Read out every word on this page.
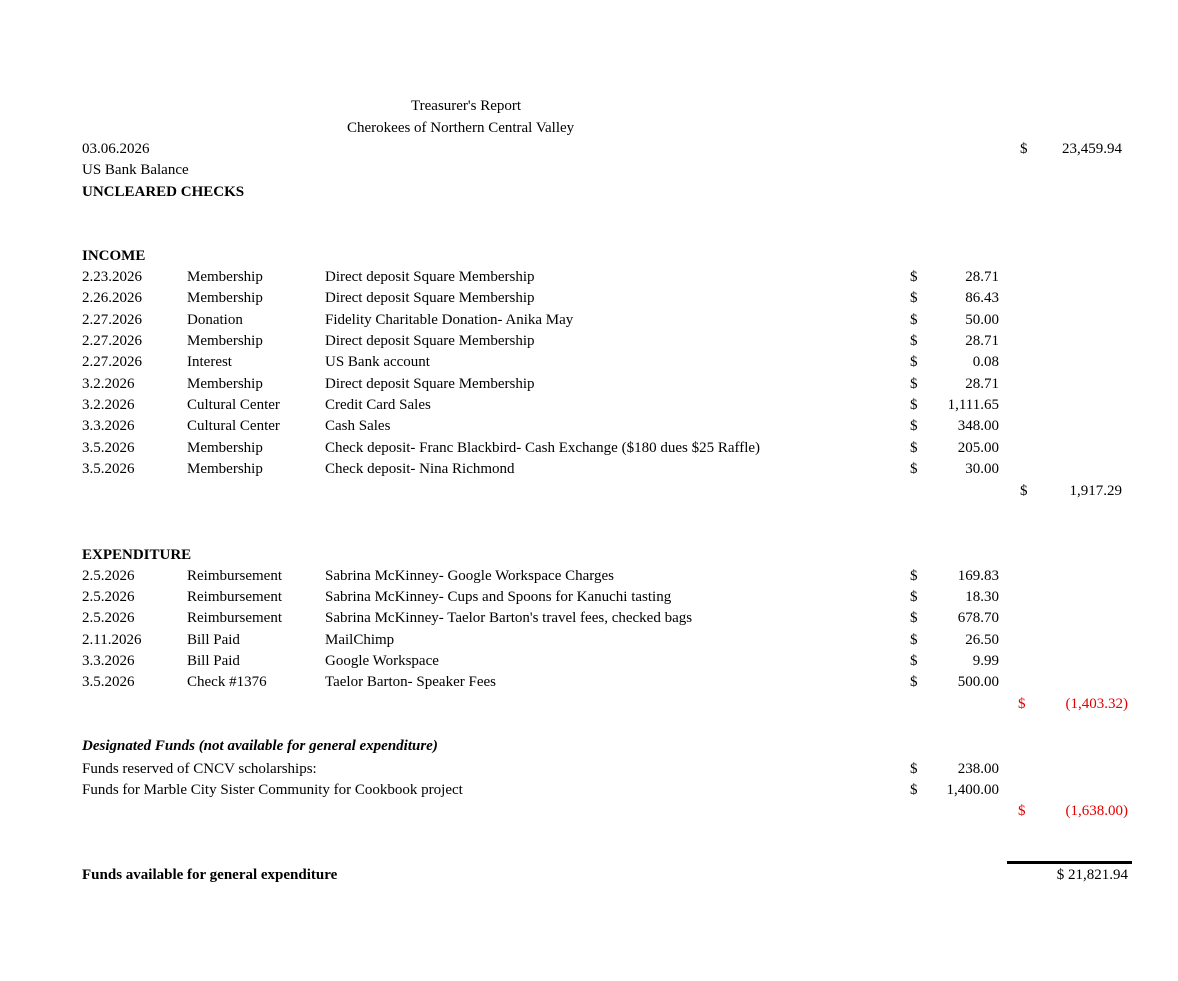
Treasurer's Report
Cherokees of Northern Central Valley
03.06.2026	$	23,459.94
US Bank Balance
UNCLEARED CHECKS
INCOME
2.23.2026	Membership	Direct deposit Square Membership	$	28.71
2.26.2026	Membership	Direct deposit Square Membership	$	86.43
2.27.2026	Donation	Fidelity Charitable Donation- Anika May	$	50.00
2.27.2026	Membership	Direct deposit Square Membership	$	28.71
2.27.2026	Interest	US Bank account	$	0.08
3.2.2026	Membership	Direct deposit Square Membership	$	28.71
3.2.2026	Cultural Center	Credit Card Sales	$	1,111.65
3.3.2026	Cultural Center	Cash Sales	$	348.00
3.5.2026	Membership	Check deposit- Franc Blackbird- Cash Exchange ($180 dues $25 Raffle)	$	205.00
3.5.2026	Membership	Check deposit- Nina Richmond	$	30.00
$	1,917.29
EXPENDITURE
2.5.2026	Reimbursement	Sabrina McKinney- Google Workspace Charges	$	169.83
2.5.2026	Reimbursement	Sabrina McKinney- Cups and Spoons for Kanuchi tasting	$	18.30
2.5.2026	Reimbursement	Sabrina McKinney- Taelor Barton's travel fees, checked bags	$	678.70
2.11.2026	Bill Paid	MailChimp	$	26.50
3.3.2026	Bill Paid	Google Workspace	$	9.99
3.5.2026	Check #1376	Taelor Barton- Speaker Fees	$	500.00
$	(1,403.32)
Designated Funds (not available for general expenditure)
Funds reserved of CNCV scholarships:	$	238.00
Funds for Marble City Sister Community for Cookbook project	$	1,400.00
$	(1,638.00)
Funds available for general expenditure	$ 21,821.94
